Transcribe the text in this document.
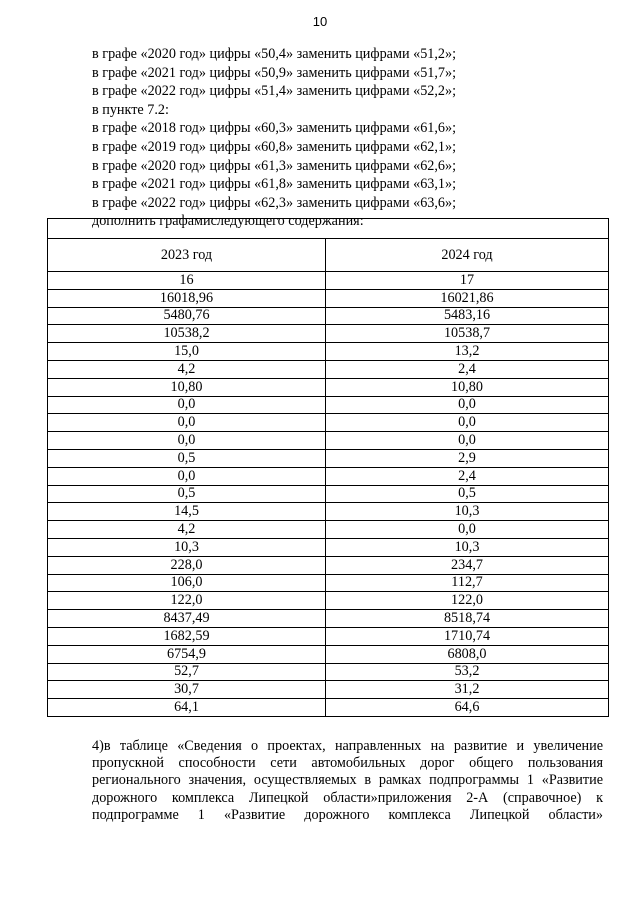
10
в графе «2020 год» цифры «50,4» заменить цифрами «51,2»;
в графе «2021 год» цифры «50,9» заменить цифрами «51,7»;
в графе «2022 год» цифры «51,4» заменить цифрами «52,2»;
в пункте 7.2:
в графе «2018 год» цифры «60,3» заменить цифрами «61,6»;
в графе «2019 год» цифры «60,8» заменить цифрами «62,1»;
в графе «2020 год» цифры «61,3» заменить цифрами «62,6»;
в графе «2021 год» цифры «61,8» заменить цифрами «63,1»;
в графе «2022 год» цифры «62,3» заменить цифрами «63,6»;
дополнить графамиследующего содержания:

2023 год	2024 год
16	17
16018,96	16021,86
5480,76	5483,16
10538,2	10538,7
15,0	13,2
4,2	2,4
10,80	10,80
0,0	0,0
0,0	0,0
0,0	0,0
0,5	2,9
0,0	2,4
0,5	0,5
14,5	10,3
4,2	0,0
10,3	10,3
228,0	234,7
106,0	112,7
122,0	122,0
8437,49	8518,74
1682,59	1710,74
6754,9	6808,0
52,7	53,2
30,7	31,2
64,1	64,6
4)в таблице «Сведения о проектах, направленных на развитие и увеличение
пропускной способности сети автомобильных дорог общего пользования
регионального значения, осуществляемых в рамках подпрограммы 1 «Развитие
дорожного комплекса Липецкой области»приложения 2-А (справочное) к
подпрограмме 1 «Развитие дорожного комплекса Липецкой области»
